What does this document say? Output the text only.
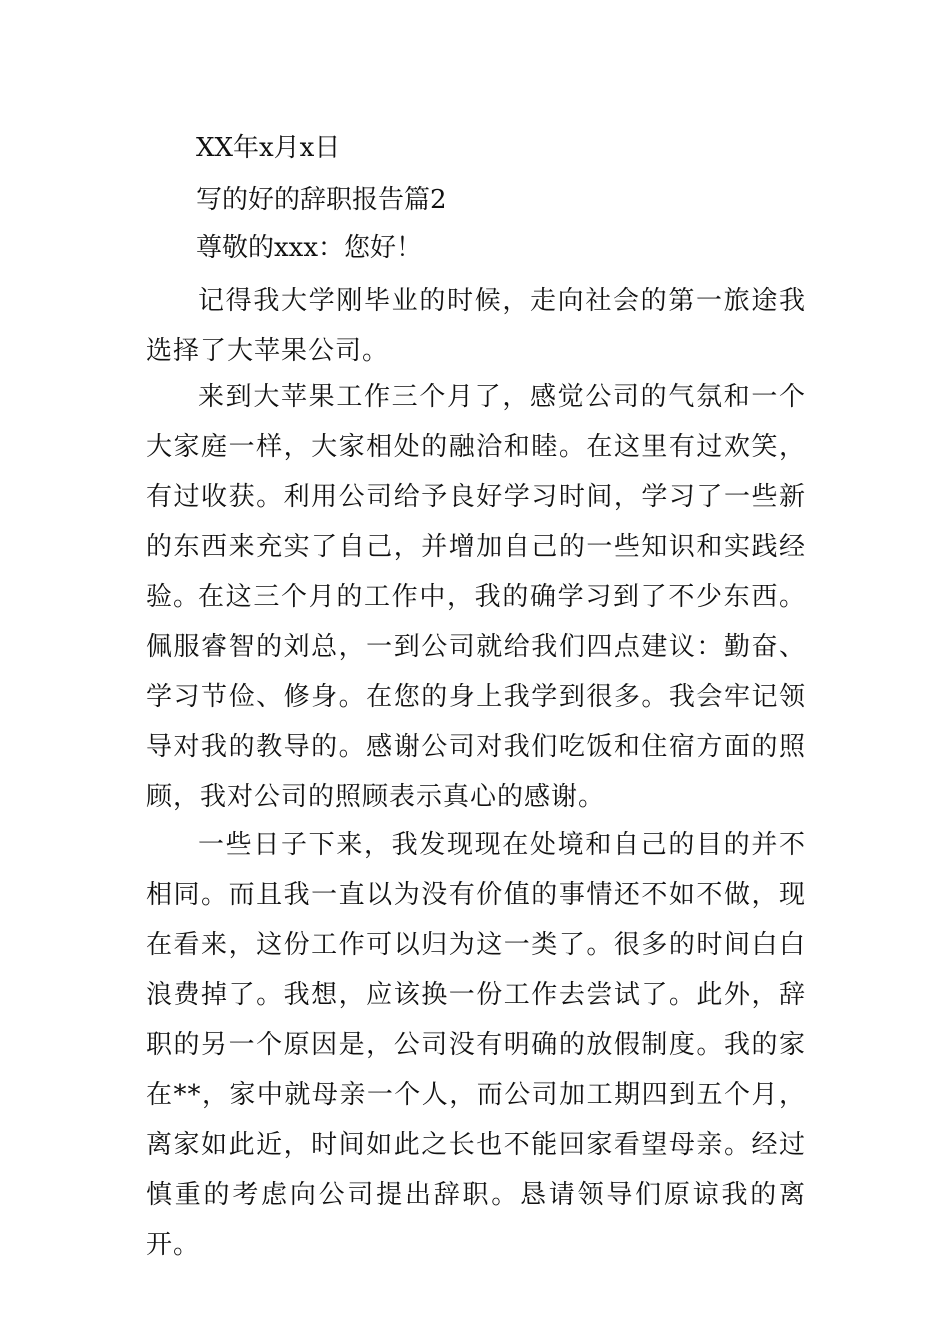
XX年x月x日
写的好的辞职报告篇2
尊敬的xxx：您好！

记得我大学刚毕业的时候，走向社会的第一旅途我选择了大苹果公司。

来到大苹果工作三个月了，感觉公司的气氛和一个大家庭一样，大家相处的融洽和睦。在这里有过欢笑，有过收获。利用公司给予良好学习时间，学习了一些新的东西来充实了自己，并增加自己的一些知识和实践经验。

在这三个月的工作中，我的确学习到了不少东西。佩服睿智的刘总，一到公司就给我们四点建议：勤奋、学习节俭、修身。在您的身上我学到很多。我会牢记领导对我的教导的。感谢公司对我们吃饭和住宿方面的照顾，我对公司的照顾表示真心的感谢。

一些日子下来，我发现现在处境和自己的目的并不相同。而且我一直以为没有价值的事情还不如不做，现在看来，这份工作可以归为这一类了。很多的时间白白浪费掉了。我想，应该换一份工作去尝试了。此外，辞职的另一个原因是，公司没有明确的放假制度。我的家在**，家中就母亲一个人，而公司加工期四到五个月，离家如此近，时间如此之长也不能回家看望母亲。经过慎重的考虑向公司提出辞职。恳请领导们原谅我的离开。
